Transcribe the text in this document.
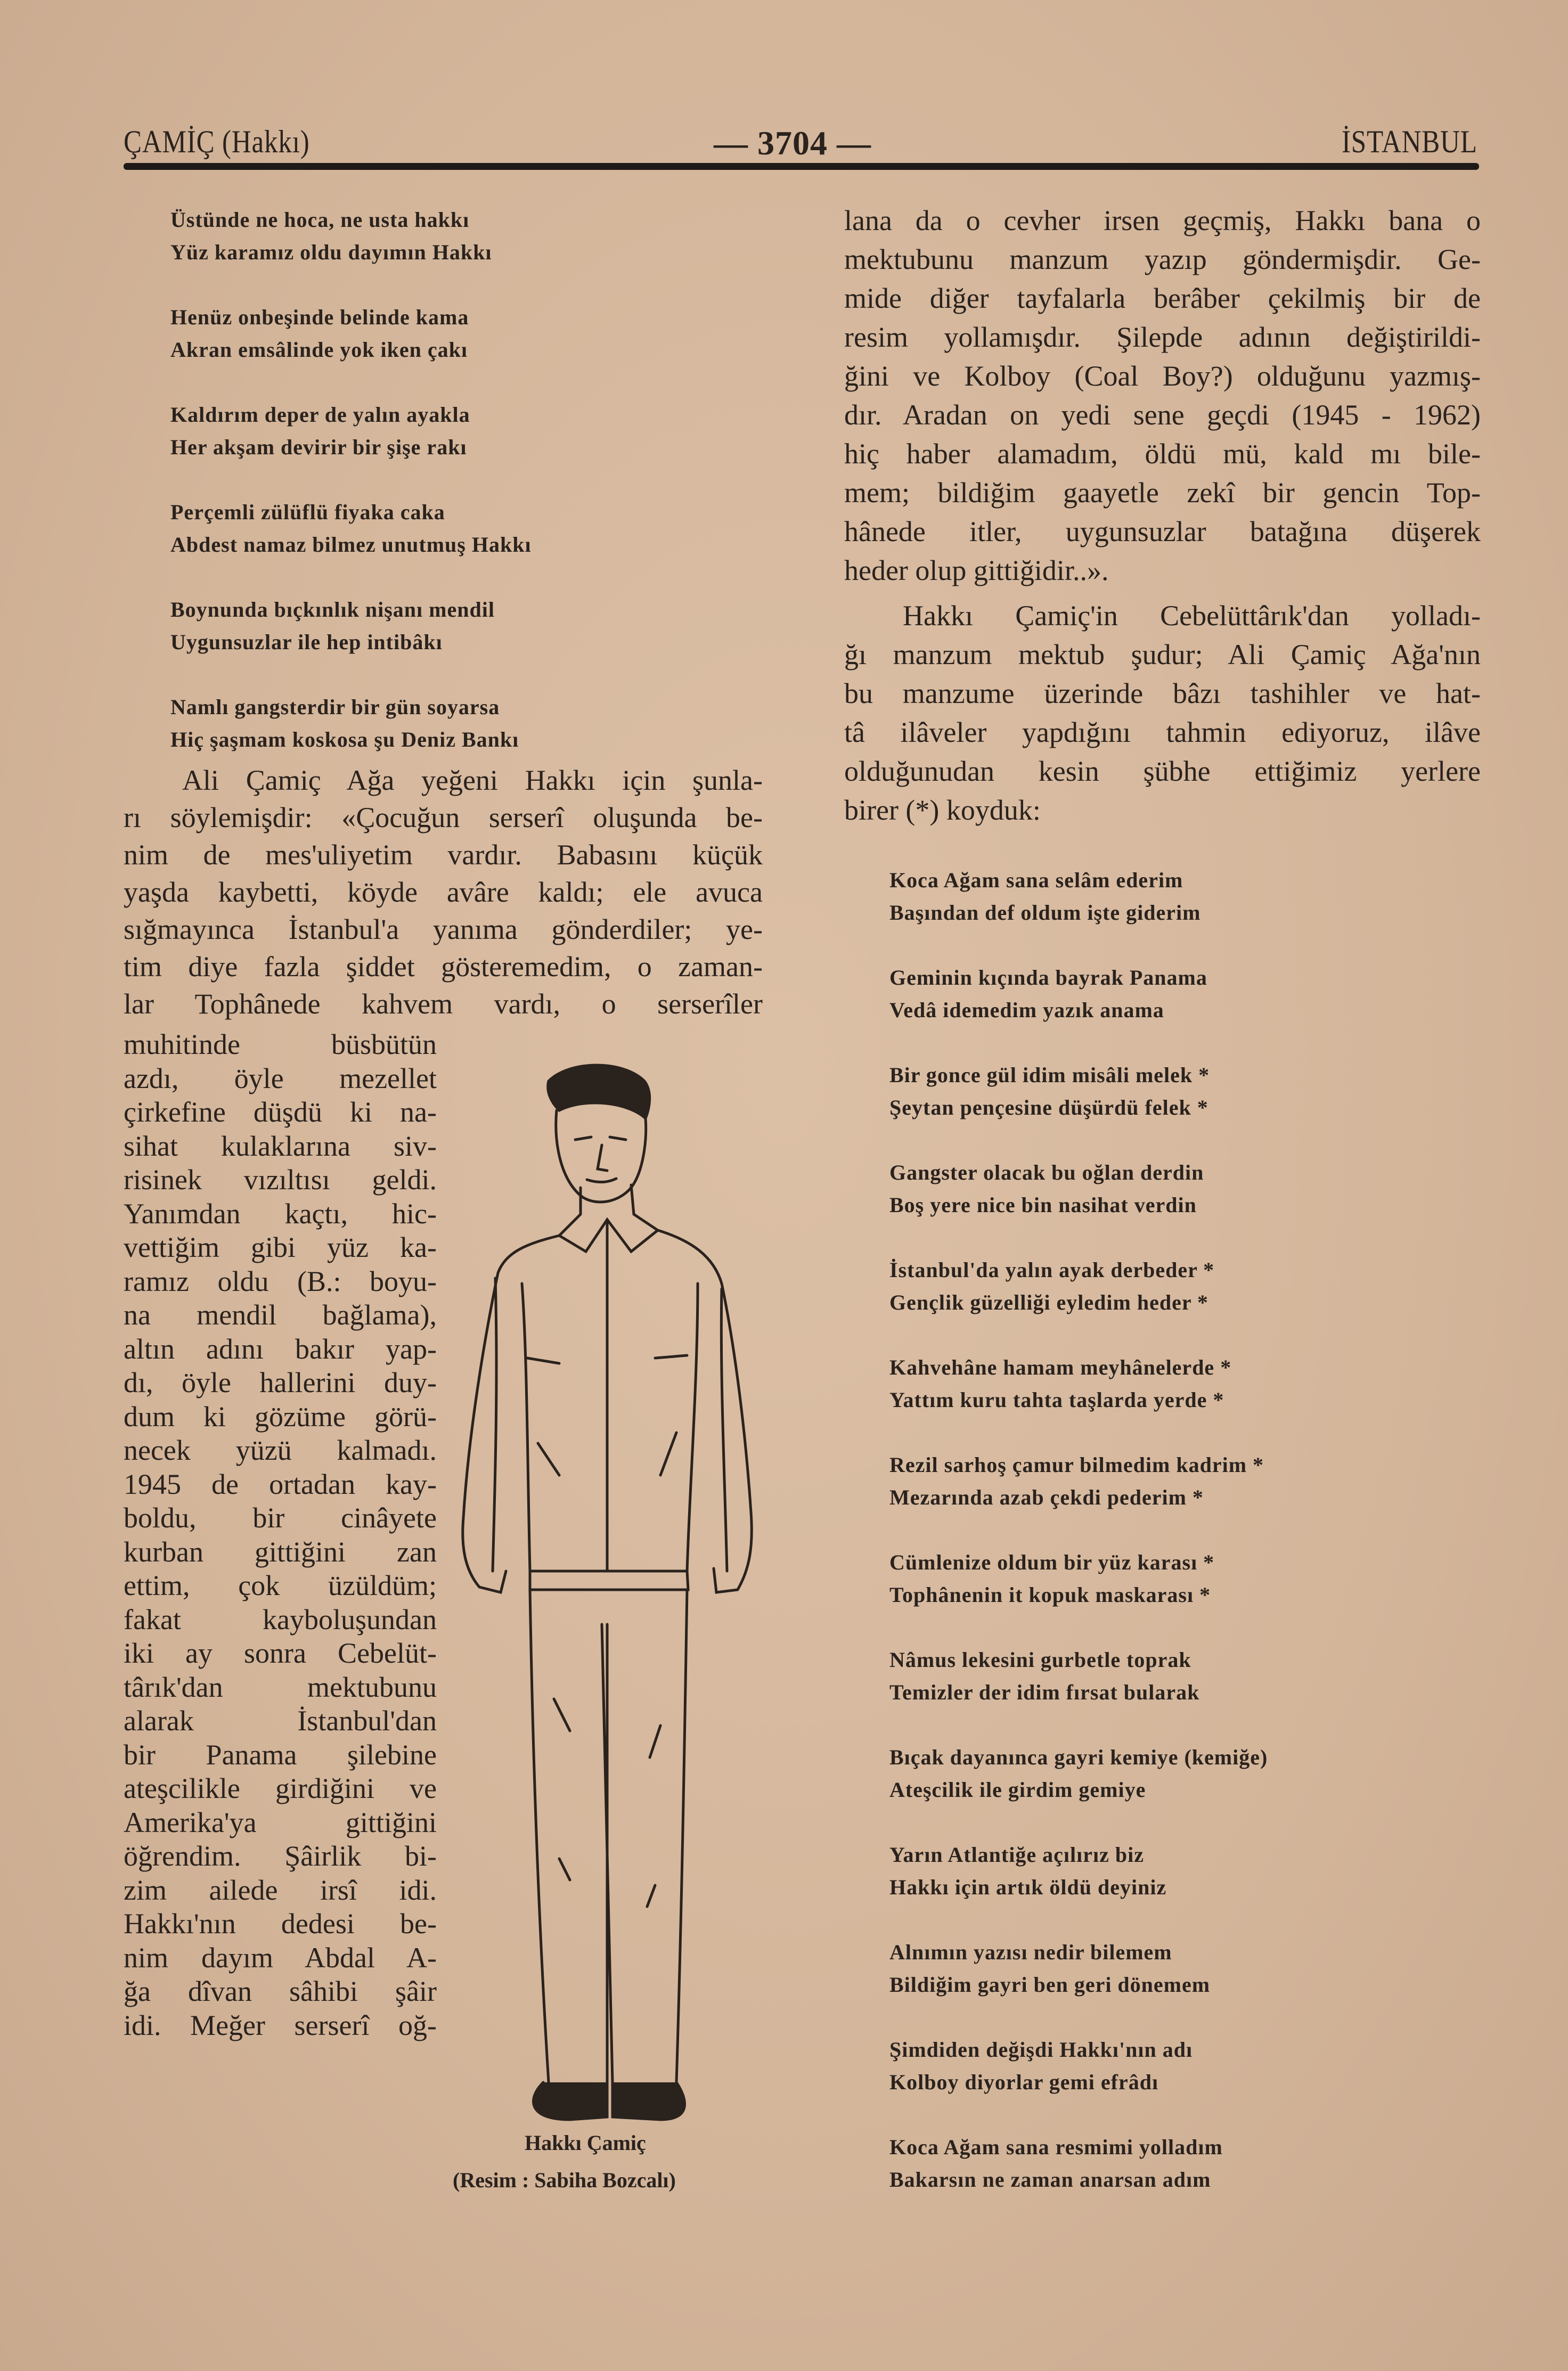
ÇAMİÇ (Hakkı)	— 3704 —	İSTANBUL
Üstünde ne hoca, ne usta hakkı
Yüz karamız oldu dayımın Hakkı
Henüz onbeşinde belinde kama
Akran emsâlinde yok iken çakı
Kaldırım deper de yalın ayakla
Her akşam devirir bir şişe rakı
Perçemli zülüflü fiyaka caka
Abdest namaz bilmez unutmuş Hakkı
Boynunda bıçkınlık nişanı mendil
Uygunsuzlar ile hep intibâkı
Namlı gangsterdir bir gün soyarsa
Hiç şaşmam koskosa şu Deniz Bankı
Ali Çamiç Ağa yeğeni Hakkı için şunla-
rı söylemişdir: «Çocuğun serserî oluşunda be-
nim de mes'uliyetim vardır. Babasını küçük
yaşda kaybetti, köyde avâre kaldı; ele avuca
sığmayınca İstanbul'a yanıma gönderdiler; ye-
tim diye fazla şiddet gösteremedim, o zaman-
lar Tophânede kahvem vardı, o serserîler
muhitinde büsbütün
azdı, öyle mezellet
çirkefine düşdü ki na-
sihat kulaklarına siv-
risinek vızıltısı geldi.
Yanımdan kaçtı, hic-
vettiğim gibi yüz ka-
ramız oldu (B.: boyu-
na mendil bağlama),
altın adını bakır yap-
dı, öyle hallerini duy-
dum ki gözüme görü-
necek yüzü kalmadı.
1945 de ortadan kay-
boldu, bir cinâyete
kurban gittiğini zan
ettim, çok üzüldüm;
fakat kayboluşundan
iki ay sonra Cebelüt-
târık'dan mektubunu
alarak İstanbul'dan
bir Panama şilebine
ateşcilikle girdiğini ve
Amerika'ya gittiğini
öğrendim. Şâirlik bi-
zim ailede irsî idi.
Hakkı'nın dedesi be-
nim dayım Abdal A-
ğa dîvan sâhibi şâir
idi. Meğer serserî oğ-
Hakkı Çamiç
(Resim : Sabiha Bozcalı)
lana da o cevher irsen geçmiş, Hakkı bana o
mektubunu manzum yazıp göndermişdir. Ge-
mide diğer tayfalarla berâber çekilmiş bir de
resim yollamışdır. Şilepde adının değiştirildi-
ğini ve Kolboy (Coal Boy?) olduğunu yazmış-
dır. Aradan on yedi sene geçdi (1945 - 1962)
hiç haber alamadım, öldü mü, kald mı bile-
mem; bildiğim gaayetle zekî bir gencin Top-
hânede itler, uygunsuzlar batağına düşerek
heder olup gittiğidir..».
Hakkı Çamiç'in Cebelüttârık'dan yolladı-
ğı manzum mektub şudur; Ali Çamiç Ağa'nın
bu manzume üzerinde bâzı tashihler ve hat-
tâ ilâveler yapdığını tahmin ediyoruz, ilâve
olduğunudan kesin şübhe ettiğimiz yerlere
birer (*) koyduk:
Koca Ağam sana selâm ederim
Başından def oldum işte giderim
Geminin kıçında bayrak Panama
Vedâ idemedim yazık anama
Bir gonce gül idim misâli melek *
Şeytan pençesine düşürdü felek *
Gangster olacak bu oğlan derdin
Boş yere nice bin nasihat verdin
İstanbul'da yalın ayak derbeder *
Gençlik güzelliği eyledim heder *
Kahvehâne hamam meyhânelerde *
Yattım kuru tahta taşlarda yerde *
Rezil sarhoş çamur bilmedim kadrim *
Mezarında azab çekdi pederim *
Cümlenize oldum bir yüz karası *
Tophânenin it kopuk maskarası *
Nâmus lekesini gurbetle toprak
Temizler der idim fırsat bularak
Bıçak dayanınca gayri kemiye (kemiğe)
Ateşcilik ile girdim gemiye
Yarın Atlantiğe açılırız biz
Hakkı için artık öldü deyiniz
Alnımın yazısı nedir bilemem
Bildiğim gayri ben geri dönemem
Şimdiden değişdi Hakkı'nın adı
Kolboy diyorlar gemi efrâdı
Koca Ağam sana resmimi yolladım
Bakarsın ne zaman anarsan adım
